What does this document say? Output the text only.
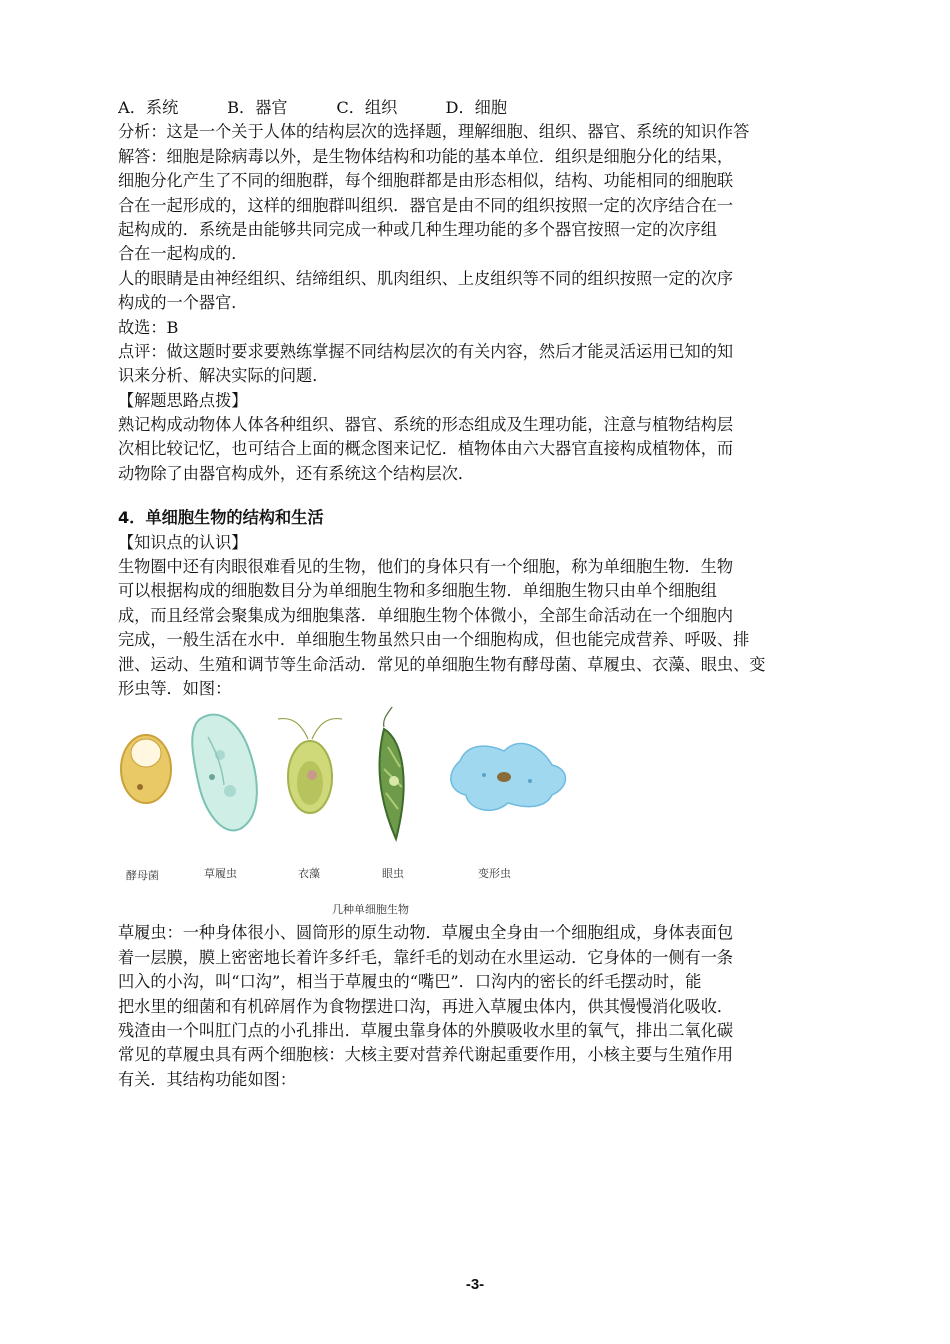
A．系统	B．器官	C．组织	D．细胞
分析：这是一个关于人体的结构层次的选择题，理解细胞、组织、器官、系统的知识作答
解答：细胞是除病毒以外，是生物体结构和功能的基本单位．组织是细胞分化的结果，
细胞分化产生了不同的细胞群，每个细胞群都是由形态相似，结构、功能相同的细胞联
合在一起形成的，这样的细胞群叫组织．器官是由不同的组织按照一定的次序结合在一
起构成的．系统是由能够共同完成一种或几种生理功能的多个器官按照一定的次序组
合在一起构成的．
人的眼睛是由神经组织、结缔组织、肌肉组织、上皮组织等不同的组织按照一定的次序
构成的一个器官．
故选：B
点评：做这题时要求要熟练掌握不同结构层次的有关内容，然后才能灵活运用已知的知
识来分析、解决实际的问题．
【解题思路点拨】
熟记构成动物体人体各种组织、器官、系统的形态组成及生理功能，注意与植物结构层
次相比较记忆，也可结合上面的概念图来记忆．植物体由六大器官直接构成植物体，而
动物除了由器官构成外，还有系统这个结构层次．
4．单细胞生物的结构和生活
【知识点的认识】
生物圈中还有肉眼很难看见的生物，他们的身体只有一个细胞，称为单细胞生物．生物
可以根据构成的细胞数目分为单细胞生物和多细胞生物．单细胞生物只由单个细胞组
成，而且经常会聚集成为细胞集落．单细胞生物个体微小，全部生命活动在一个细胞内
完成，一般生活在水中．单细胞生物虽然只由一个细胞构成，但也能完成营养、呼吸、排
泄、运动、生殖和调节等生命活动．常见的单细胞生物有酵母菌、草履虫、衣藻、眼虫、变
形虫等．如图：
酵母菌	草履虫	衣藻	眼虫	变形虫
几种单细胞生物
草履虫：一种身体很小、圆筒形的原生动物．草履虫全身由一个细胞组成，身体表面包
着一层膜，膜上密密地长着许多纤毛，靠纤毛的划动在水里运动．它身体的一侧有一条
凹入的小沟，叫“口沟”，相当于草履虫的“嘴巴”．口沟内的密长的纤毛摆动时，能
把水里的细菌和有机碎屑作为食物摆进口沟，再进入草履虫体内，供其慢慢消化吸收．
残渣由一个叫肛门点的小孔排出．草履虫靠身体的外膜吸收水里的氧气，排出二氧化碳
常见的草履虫具有两个细胞核：大核主要对营养代谢起重要作用，小核主要与生殖作用
有关．其结构功能如图：
-3-
